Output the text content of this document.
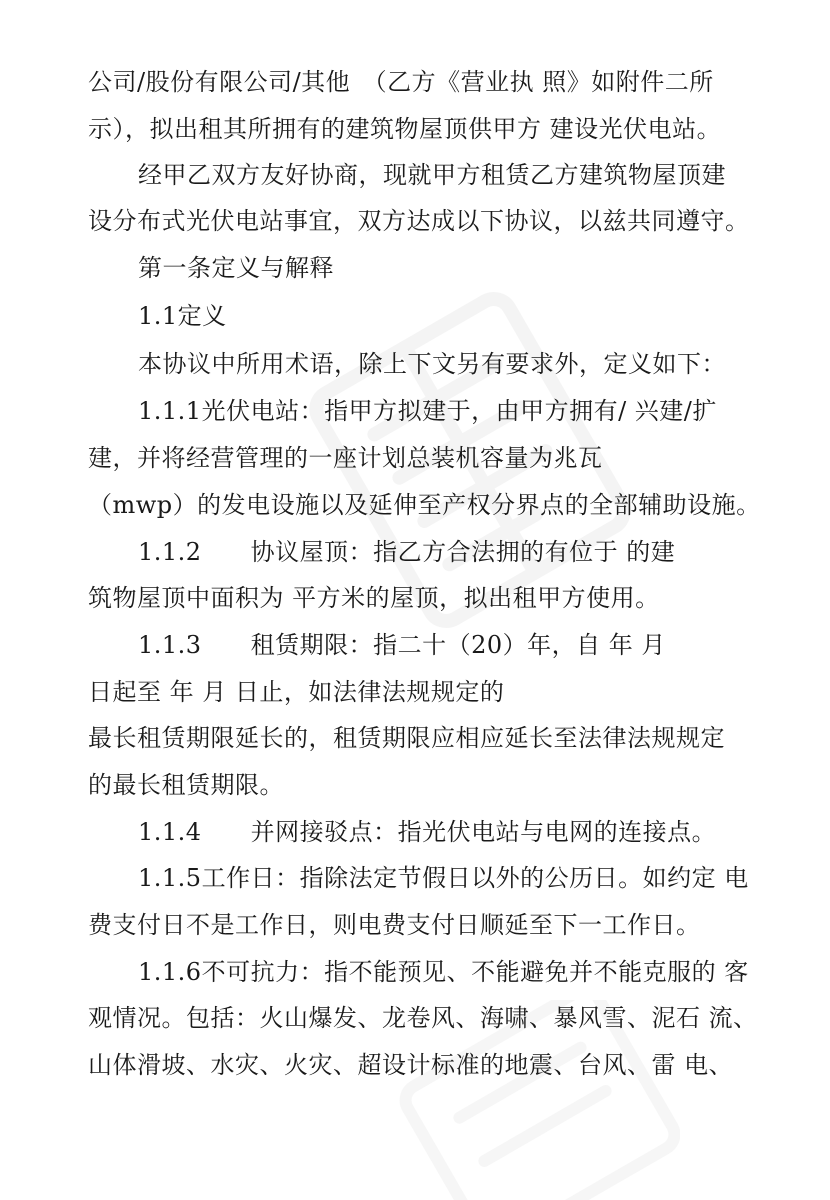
公司/股份有限公司/其他　（乙方《营业执 照》如附件二所
示），拟出租其所拥有的建筑物屋顶供甲方 建设光伏电站。
经甲乙双方友好协商，现就甲方租赁乙方建筑物屋顶建
设分布式光伏电站事宜，双方达成以下协议，以兹共同遵守。
第一条定义与解释
1.1定义
本协议中所用术语，除上下文另有要求外，定义如下：
1.1.1光伏电站：指甲方拟建于，由甲方拥有/ 兴建/扩
建，并将经营管理的一座计划总装机容量为兆瓦
（mwp）的发电设施以及延伸至产权分界点的全部辅助设施。
1.1.2　　协议屋顶：指乙方合法拥的有位于 的建
筑物屋顶中面积为 平方米的屋顶，拟出租甲方使用。
1.1.3　　租赁期限：指二十（20）年，自 年 月
日起至 年 月 日止，如法律法规规定的
最长租赁期限延长的，租赁期限应相应延长至法律法规规定
的最长租赁期限。
1.1.4　　并网接驳点：指光伏电站与电网的连接点。
1.1.5工作日：指除法定节假日以外的公历日。如约定 电
费支付日不是工作日，则电费支付日顺延至下一工作日。
1.1.6不可抗力：指不能预见、不能避免并不能克服的 客
观情况。包括：火山爆发、龙卷风、海啸、暴风雪、泥石 流、
山体滑坡、水灾、火灾、超设计标准的地震、台风、雷 电、
